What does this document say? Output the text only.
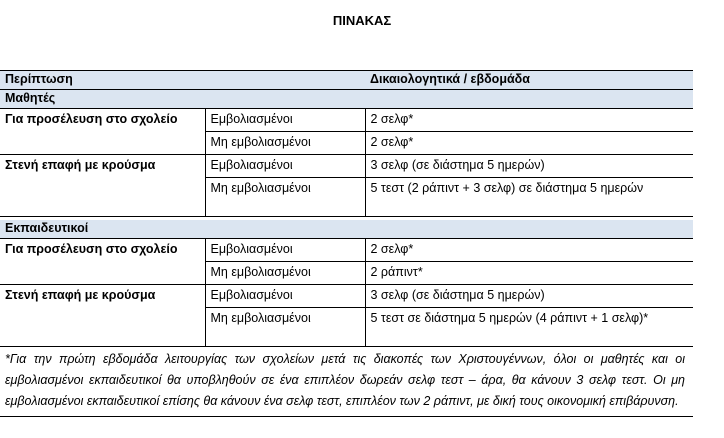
ΠΙΝΑΚΑΣ
Περίπτωση		Δικαιολογητικά / εβδομάδα
Μαθητές		
Για προσέλευση στο σχολείο	Εμβολιασμένοι	2 σελφ*
	Μη εμβολιασμένοι	2 σελφ*
Στενή επαφή με κρούσμα	Εμβολιασμένοι	3 σελφ (σε διάστημα 5 ημερών)
	Μη εμβολιασμένοι	5 τεστ (2 ράπιντ + 3 σελφ) σε διάστημα 5 ημερών

Εκπαιδευτικοί		
Για προσέλευση στο σχολείο	Εμβολιασμένοι	2 σελφ*
	Μη εμβολιασμένοι	2 ράπιντ*
Στενή επαφή με κρούσμα	Εμβολιασμένοι	3 σελφ (σε διάστημα 5 ημερών)
	Μη εμβολιασμένοι	5 τεστ σε διάστημα 5 ημερών (4 ράπιντ + 1 σελφ)*

*Για την πρώτη εβδομάδα λειτουργίας των σχολείων μετά τις διακοπές των Χριστουγέννων, όλοι οι μαθητές και οι εμβολιασμένοι εκπαιδευτικοί θα υποβληθούν σε ένα επιπλέον δωρεάν σελφ τεστ – άρα, θα κάνουν 3 σελφ τεστ. Οι μη εμβολιασμένοι εκπαιδευτικοί επίσης θα κάνουν ένα σελφ τεστ, επιπλέον των 2 ράπιντ, με δική τους οικονομική επιβάρυνση.		
